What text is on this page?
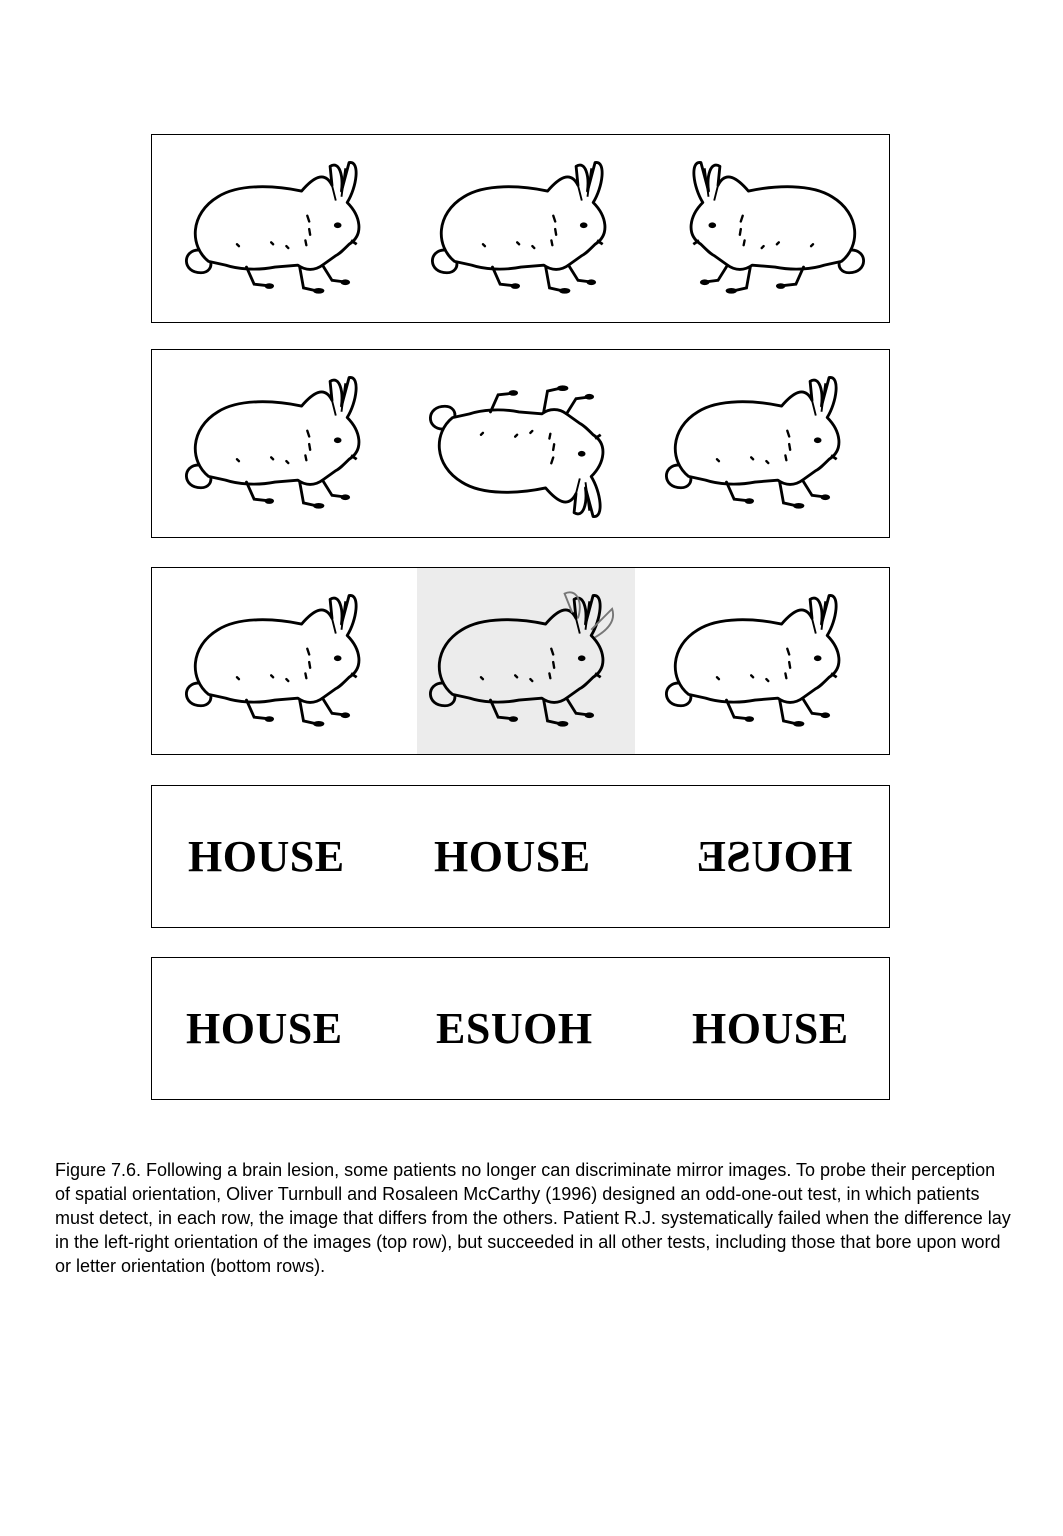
HOUSE HOUSE HOUSE
HOUSE ESUOH HOUSE
Figure 7.6. Following a brain lesion, some patients no longer can discriminate mirror images. To probe their perception of spatial orientation, Oliver Turnbull and Rosaleen McCarthy (1996) designed an odd-one-out test, in which patients must detect, in each row, the image that differs from the others. Patient R.J. systematically failed when the difference lay in the left-right orientation of the images (top row), but succeeded in all other tests, including those that bore upon word or letter orientation (bottom rows).
